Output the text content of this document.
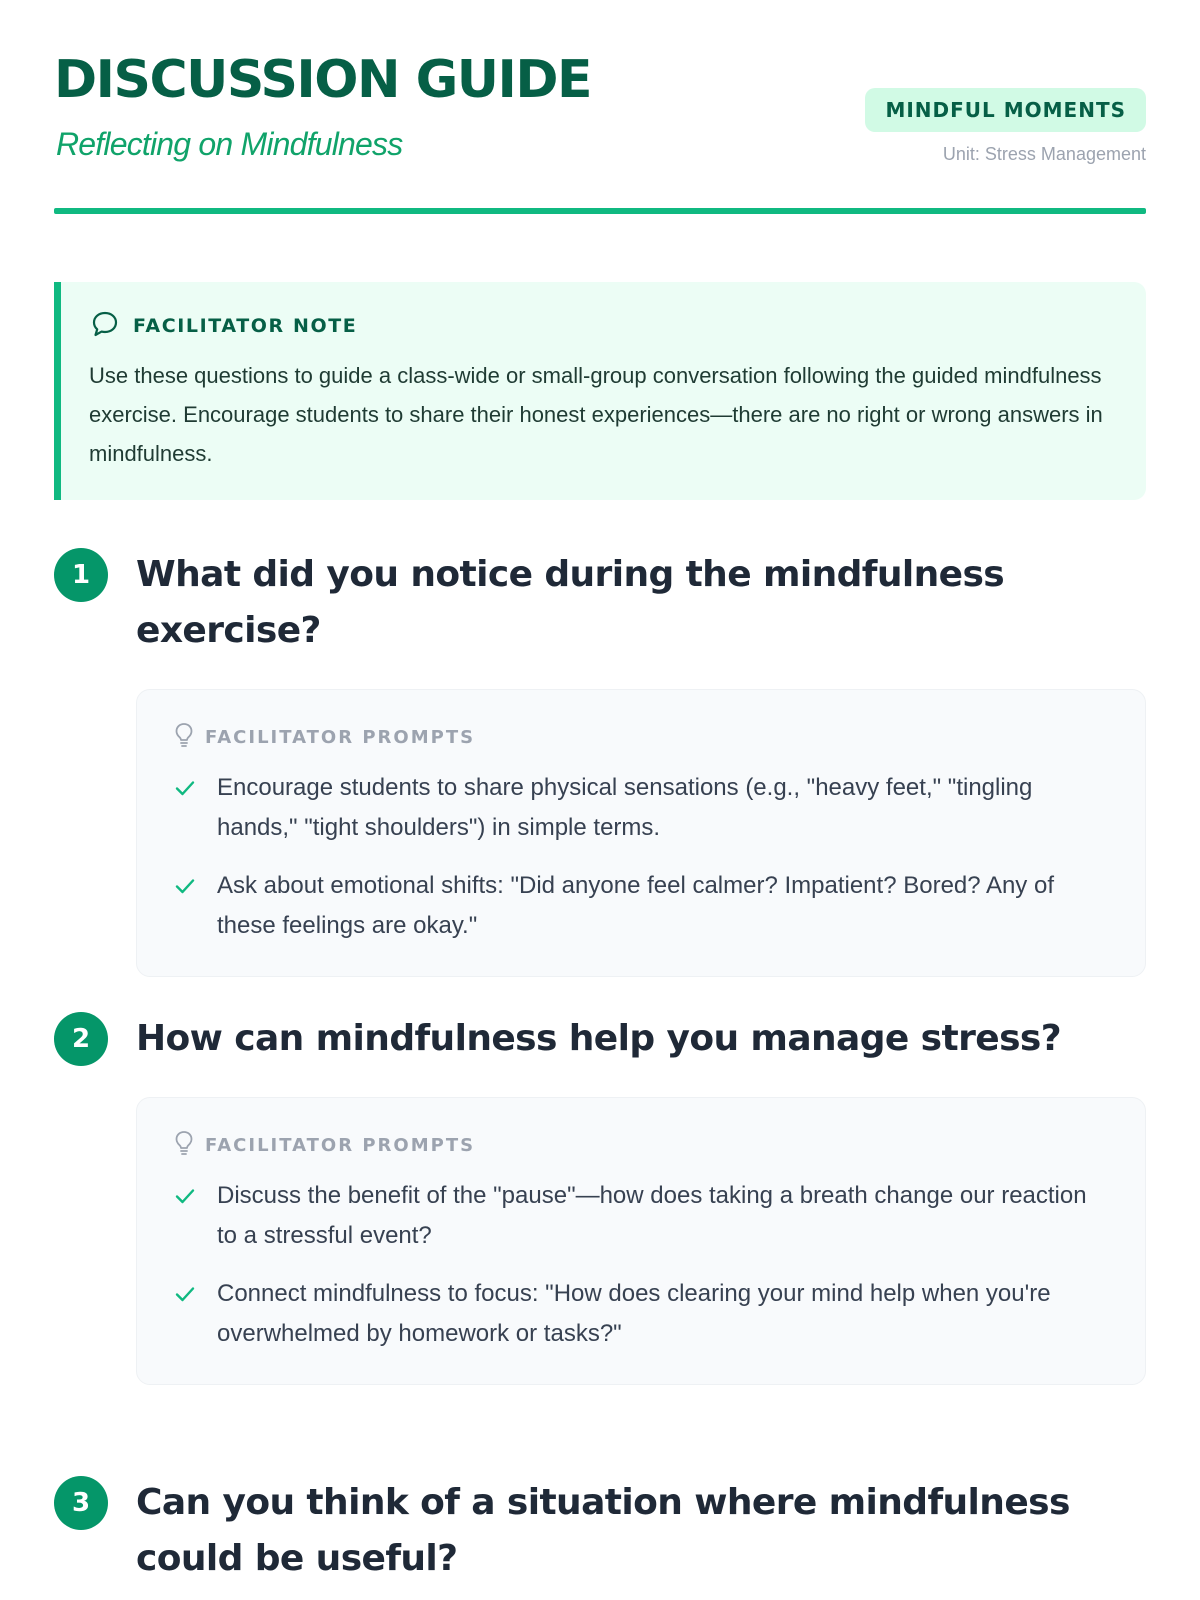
DISCUSSION GUIDE
Reflecting on Mindfulness
MINDFUL MOMENTS
Unit: Stress Management
FACILITATOR NOTE
Use these questions to guide a class-wide or small-group conversation following the guided mindfulness exercise. Encourage students to share their honest experiences—there are no right or wrong answers in mindfulness.
1	What did you notice during the mindfulness exercise?
FACILITATOR PROMPTS
Encourage students to share physical sensations (e.g., "heavy feet," "tingling hands," "tight shoulders") in simple terms.
Ask about emotional shifts: "Did anyone feel calmer? Impatient? Bored? Any of these feelings are okay."
2	How can mindfulness help you manage stress?
FACILITATOR PROMPTS
Discuss the benefit of the "pause"—how does taking a breath change our reaction to a stressful event?
Connect mindfulness to focus: "How does clearing your mind help when you're overwhelmed by homework or tasks?"
3	Can you think of a situation where mindfulness could be useful?
